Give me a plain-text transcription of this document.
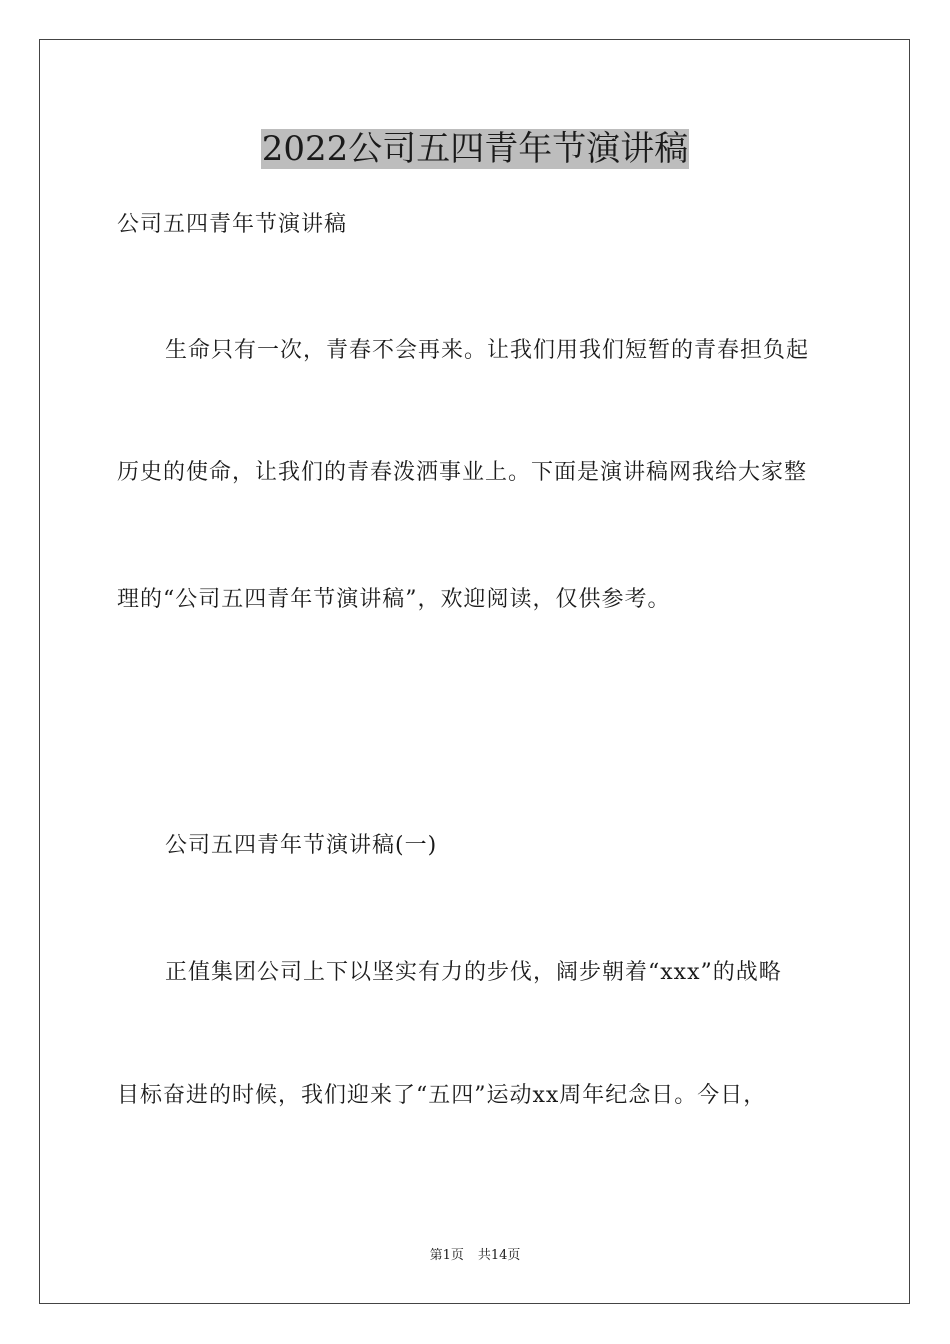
2022公司五四青年节演讲稿
公司五四青年节演讲稿
生命只有一次，青春不会再来。让我们用我们短暂的青春担负起
历史的使命，让我们的青春泼洒事业上。下面是演讲稿网我给大家整
理的“公司五四青年节演讲稿”，欢迎阅读，仅供参考。
公司五四青年节演讲稿(一)
正值集团公司上下以坚实有力的步伐，阔步朝着“xxx”的战略
目标奋进的时候，我们迎来了“五四”运动xx周年纪念日。今日，
第1页 共14页
